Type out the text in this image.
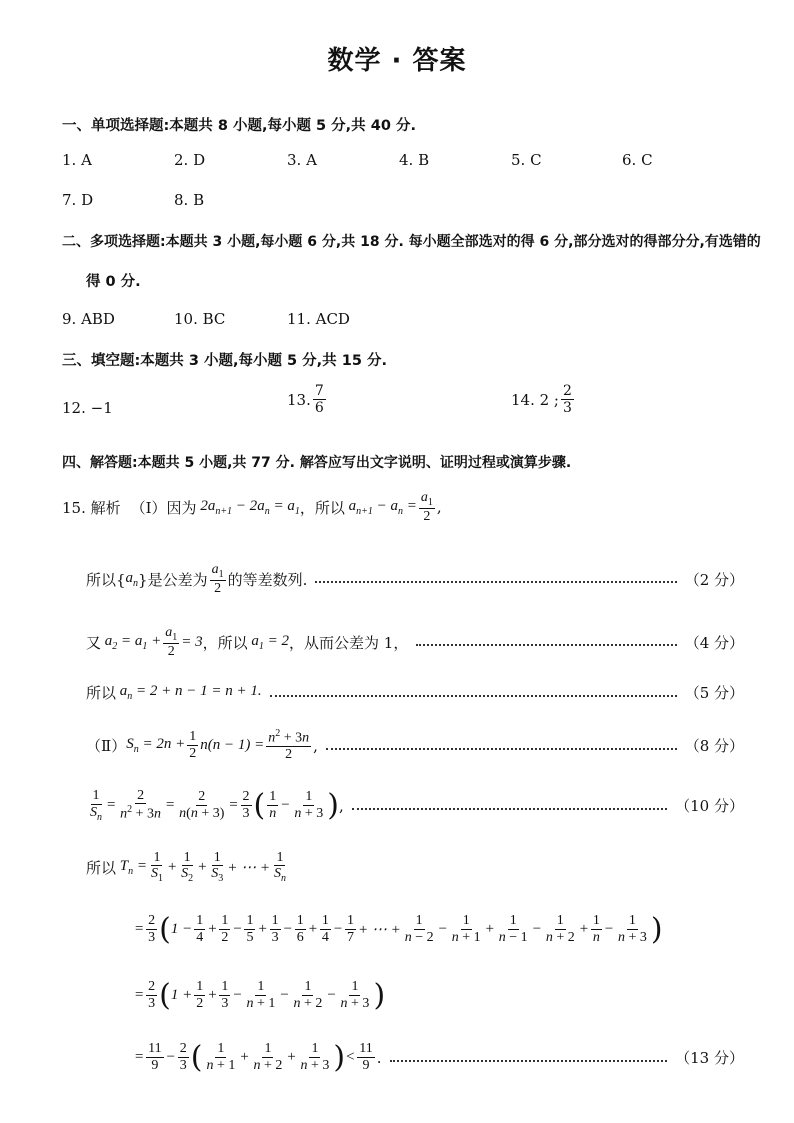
数学 · 答案
一、单项选择题:本题共 8 小题,每小题 5 分,共 40 分.
1. A	2. D	3. A	4. B	5. C	6. C
7. D	8. B
二、多项选择题:本题共 3 小题,每小题 6 分,共 18 分. 每小题全部选对的得 6 分,部分选对的得部分分,有选错的
得 0 分.
9. ABD	10. BC	11. ACD
三、填空题:本题共 3 小题,每小题 5 分,共 15 分.
12. −1	13. $\frac{7}{6}$	14. 2 ; $\frac{2}{3}$
四、解答题:本题共 5 小题,共 77 分. 解答应写出文字说明、证明过程或演算步骤.
15. 解析 （Ⅰ）因为 $2a_{n+1} - 2a_n = a_1$ ，所以 $a_{n+1} - a_n = \frac{a_1}{2}$ ,
所以{ $a_n$ }是公差为 $\frac{a_1}{2}$ 的等差数列.	（2 分）
又 $a_2 = a_1 + \frac{a_1}{2} = 3$ ，所以 $a_1 = 2$ ，从而公差为 1，	（4 分）
所以 $a_n = 2 + n - 1 = n + 1$.	（5 分）
（Ⅱ） $S_n = 2n + \frac{1}{2} n(n - 1) = \frac{n^2 + 3n}{2}$ ,	（8 分）
$\frac{1}{S_n} = \frac{2}{n^2 + 3n} = \frac{2}{n(n + 3)} = \frac{2}{3}$ ( $\frac{1}{n} - \frac{1}{n + 3}$ ) ,	（10 分）
所以 $T_n = \frac{1}{S_1} + \frac{1}{S_2} + \frac{1}{S_3}$ + ⋯ + $\frac{1}{S_n}$
= $\frac{2}{3}$ ( $1 - \frac{1}{4} + \frac{1}{2} - \frac{1}{5} + \frac{1}{3} - \frac{1}{6} + \frac{1}{4} - \frac{1}{7}$ + ⋯ + $\frac{1}{n - 2} - \frac{1}{n + 1} + \frac{1}{n - 1} - \frac{1}{n + 2} + \frac{1}{n} - \frac{1}{n + 3}$ )
= $\frac{2}{3}$ ( $1 + \frac{1}{2} + \frac{1}{3} - \frac{1}{n + 1} - \frac{1}{n + 2} - \frac{1}{n + 3}$ )
= $\frac{11}{9} - \frac{2}{3}$ ( $\frac{1}{n + 1} + \frac{1}{n + 2} + \frac{1}{n + 3}$ ) < $\frac{11}{9}$ .	（13 分）
